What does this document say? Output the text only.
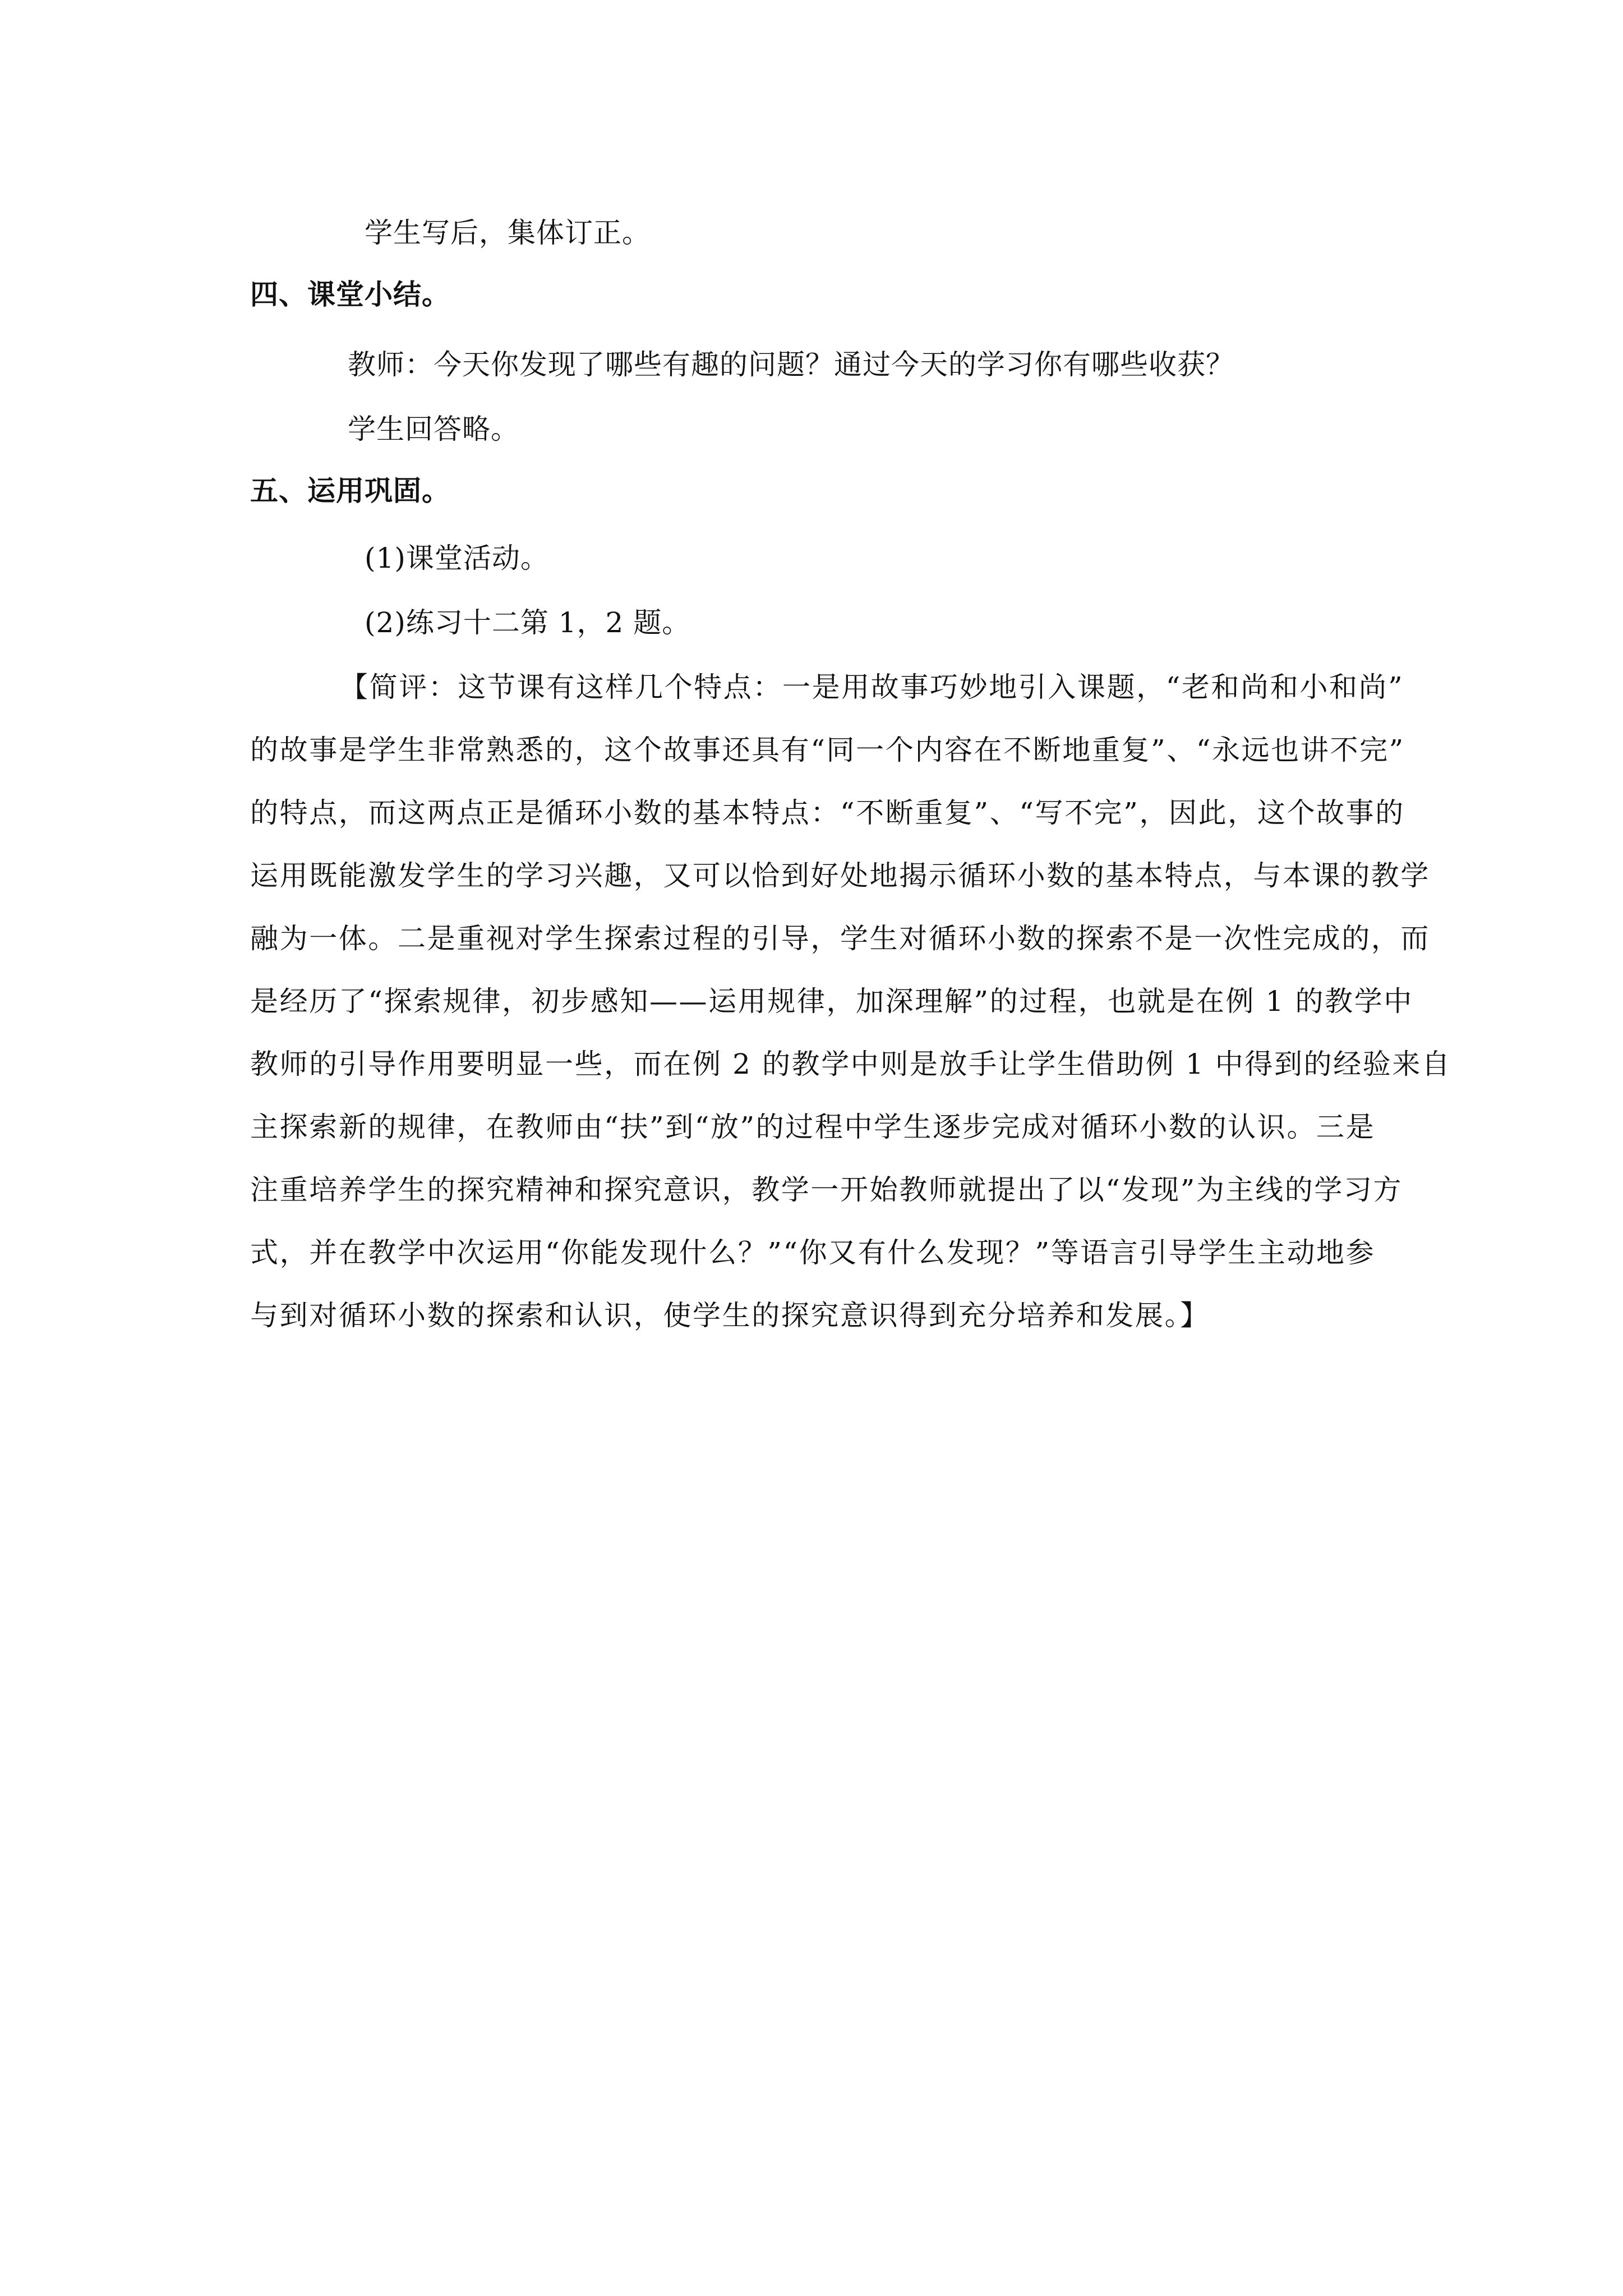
学生写后，集体订正。
四、课堂小结。
教师：今天你发现了哪些有趣的问题？通过今天的学习你有哪些收获？
学生回答略。
五、运用巩固。
(1)课堂活动。
(2)练习十二第 1，2 题。
【简评：这节课有这样几个特点：一是用故事巧妙地引入课题，“老和尚和小和尚”
的故事是学生非常熟悉的，这个故事还具有“同一个内容在不断地重复”、“永远也讲不完”
的特点，而这两点正是循环小数的基本特点：“不断重复”、“写不完”，因此，这个故事的
运用既能激发学生的学习兴趣，又可以恰到好处地揭示循环小数的基本特点，与本课的教学
融为一体。二是重视对学生探索过程的引导，学生对循环小数的探索不是一次性完成的，而
是经历了“探索规律，初步感知——运用规律，加深理解”的过程，也就是在例 1 的教学中
教师的引导作用要明显一些，而在例 2 的教学中则是放手让学生借助例 1 中得到的经验来自
主探索新的规律，在教师由“扶”到“放”的过程中学生逐步完成对循环小数的认识。三是
注重培养学生的探究精神和探究意识，教学一开始教师就提出了以“发现”为主线的学习方
式，并在教学中次运用“你能发现什么？”“你又有什么发现？”等语言引导学生主动地参
与到对循环小数的探索和认识，使学生的探究意识得到充分培养和发展。】
